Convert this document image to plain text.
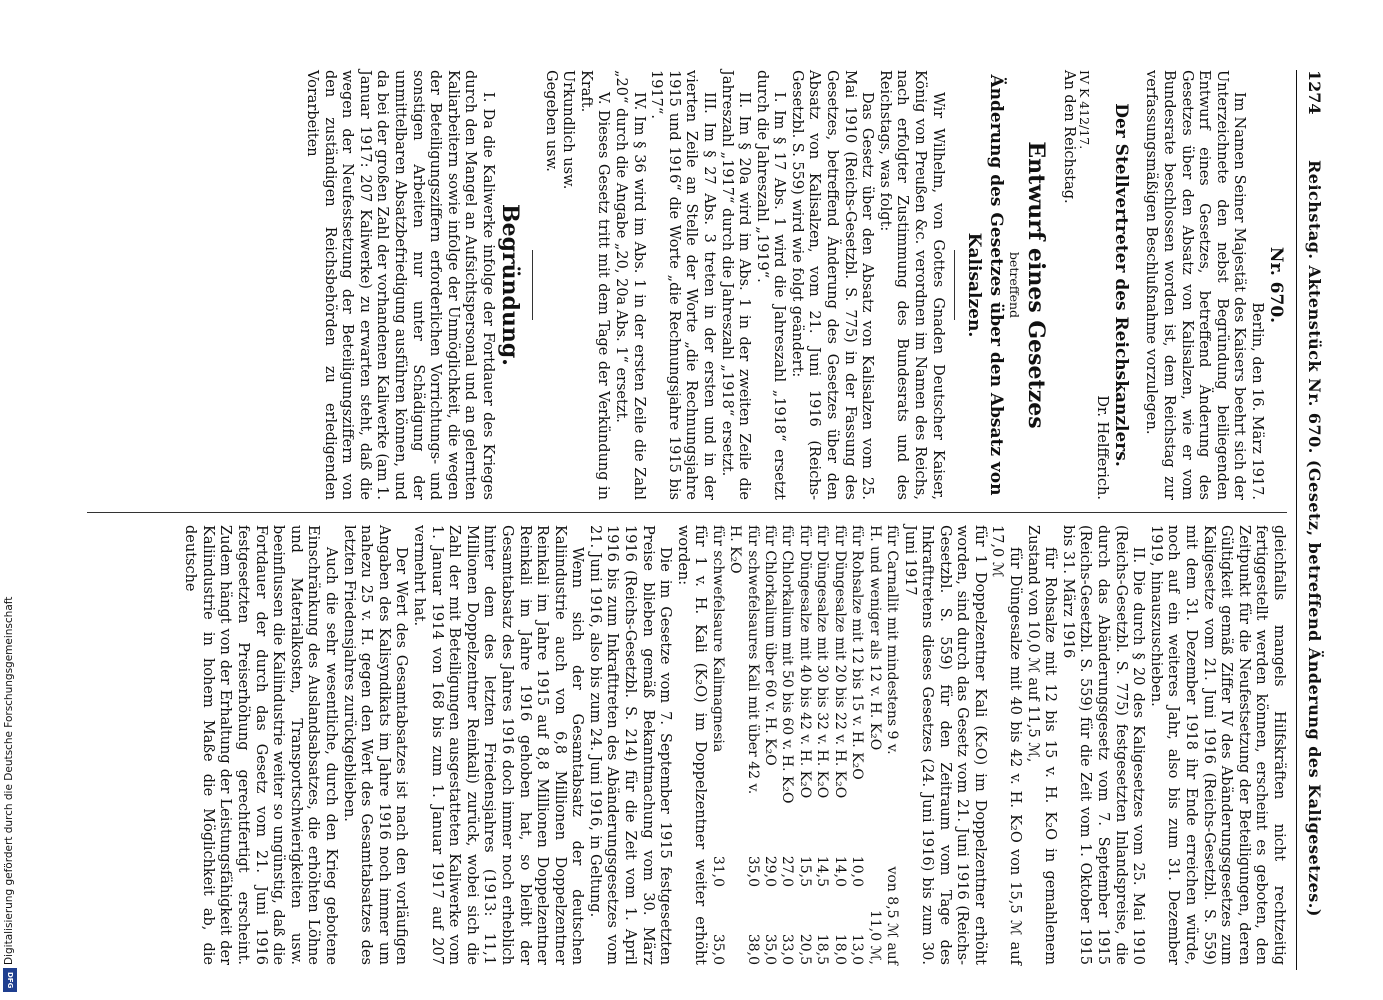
1274
Reichstag. Aktenstück Nr. 670. (Gesetz, betreffend Änderung des Kaligesetzes.)
Nr. 670.
Berlin, den 16. März 1917.

Im Namen Seiner Majestät des Kaisers beehrt sich der Unterzeichnete den nebst Begründung beiliegenden Entwurf eines Gesetzes, betreffend Änderung des Gesetzes über den Absatz von Kalisalzen, wie er vom Bundesrate beschlossen worden ist, dem Reichstag zur verfassungsmäßigen Beschlußnahme vorzulegen.

Der Stellvertreter des Reichskanzlers.
Dr. Helfferich.
IV K 412/17.
An den Reichstag.
Entwurf eines Gesetzes
betreffend
Änderung des Gesetzes über den Absatz von Kalisalzen.

Wir Wilhelm, von Gottes Gnaden Deutscher Kaiser, König von Preußen &c. verordnen im Namen des Reichs, nach erfolgter Zustimmung des Bundesrats und des Reichstags, was folgt:

Das Gesetz über den Absatz von Kalisalzen vom 25. Mai 1910 (Reichs-Gesetzbl. S. 775) in der Fassung des Gesetzes, betreffend Änderung des Gesetzes über den Absatz von Kalisalzen, vom 21. Juni 1916 (Reichs-Gesetzbl. S. 559) wird wie folgt geändert:

I. Im § 17 Abs. 1 wird die Jahreszahl „1918“ ersetzt durch die Jahreszahl „1919“.

II. Im § 20a wird im Abs. 1 in der zweiten Zeile die Jahreszahl „1917“ durch die Jahreszahl „1918“ ersetzt.

III. Im § 27 Abs. 3 treten in der ersten und in der vierten Zeile an Stelle der Worte „die Rechnungsjahre 1915 und 1916“ die Worte „die Rechnungsjahre 1915 bis 1917“.

IV. Im § 36 wird im Abs. 1 in der ersten Zeile die Zahl „20“ durch die Angabe „20, 20a Abs. 1“ ersetzt.

V. Dieses Gesetz tritt mit dem Tage der Verkündung in Kraft.

Urkundlich usw.
Gegeben usw.
Begründung.

I. Da die Kaliwerke infolge der Fortdauer des Krieges durch den Mangel an Aufsichtspersonal und an gelernten Kaliarbeitern sowie infolge der Unmöglichkeit, die wegen der Beteiligungsziffern erforderlichen Vorrichtungs- und sonstigen Arbeiten nur unter Schädigung der unmittelbaren Absatzbefriedigung ausführen können, und da bei der großen Zahl der vorhandenen Kaliwerke (am 1. Januar 1917: 207 Kaliwerke) zu erwarten steht, daß die wegen der Neufestsetzung der Beteiligungsziffern von den zuständigen Reichsbehörden zu erledigenden Vorarbeiten

gleichfalls mangels Hilfskräften nicht rechtzeitig fertiggestellt werden können, erscheint es geboten, den Zeitpunkt für die Neufestsetzung der Beteiligungen, deren Gültigkeit gemäß Ziffer IV des Abänderungsgesetzes zum Kaligesetze vom 21. Juni 1916 (Reichs-Gesetzbl. S. 559) mit dem 31. Dezember 1918 ihr Ende erreichen würde, noch auf ein weiteres Jahr, also bis zum 31. Dezember 1919, hinauszuschieben.

II. Die durch § 20 des Kaligesetzes vom 25. Mai 1910 (Reichs-Gesetzbl. S. 775) festgesetzten Inlandspreise, die durch das Abänderungsgesetz vom 7. September 1915 (Reichs-Gesetzbl. S. 559) für die Zeit vom 1. Oktober 1915 bis 31. März 1916

für Rohsalze mit 12 bis 15 v. H. K₂O in gemahlenem Zustand von 10,0 ℳ auf 11,5 ℳ,

für Düngesalze mit 40 bis 42 v. H. K₂O von 15,5 ℳ auf 17,0 ℳ

für 1 Doppelzentner Kali (K₂O) im Doppelzentner erhöht worden, sind durch das Gesetz vom 21. Juni 1916 (Reichs-Gesetzbl. S. 559) für den Zeitraum vom Tage des Inkrafttretens dieses Gesetzes (24. Juni 1916) bis zum 30. Juni 1917

für Carnallit mit mindestens 9 v. H. und weniger als 12 v. H. K₂O
von 8,5 ℳ auf 11,0 ℳ,
für Rohsalze mit 12 bis 15 v. H. K₂O
10,0
13,0
für Düngesalze mit 20 bis 22 v. H. K₂O
14,0
18,0
für Düngesalze mit 30 bis 32 v. H. K₂O
14,5
18,5
für Düngesalze mit 40 bis 42 v. H. K₂O
15,5
20,5
für Chlorkalium mit 50 bis 60 v. H. K₂O
27,0
33,0
für Chlorkalium über 60 v. H. K₂O
29,0
35,0
für schwefelsaures Kali mit über 42 v. H. K₂O
35,0
38,0
für schwefelsaure Kalimagnesia
31,0
35,0

für 1 v. H. Kali (K₂O) im Doppelzentner weiter erhöht worden:

Die im Gesetze vom 7. September 1915 festgesetzten Preise blieben gemäß Bekanntmachung vom 30. März 1916 (Reichs-Gesetzbl. S. 214) für die Zeit vom 1. April 1916 bis zum Inkrafttreten des Abänderungsgesetzes vom 21. Juni 1916, also bis zum 24. Juni 1916, in Geltung.

Wenn sich der Gesamtabsatz der deutschen Kaliindustrie auch von 6,8 Millionen Doppelzentner Reinkali im Jahre 1915 auf 8,8 Millionen Doppelzentner Reinkali im Jahre 1916 gehoben hat, so bleibt der Gesamtabsatz des Jahres 1916 doch immer noch erheblich hinter dem des letzten Friedensjahres (1913: 11,1 Millionen Doppelzentner Reinkali) zurück, wobei sich die Zahl der mit Beteiligungen ausgestatteten Kaliwerke vom 1. Januar 1914 von 168 bis zum 1. Januar 1917 auf 207 vermehrt hat.

Der Wert des Gesamtabsatzes ist nach den vorläufigen Angaben des Kalisyndikats im Jahre 1916 noch immer um nahezu 25 v. H. gegen den Wert des Gesamtabsatzes des letzten Friedensjahres zurückgeblieben.

Auch die sehr wesentliche, durch den Krieg gebotene Einschränkung des Auslandsabsatzes, die erhöhten Löhne und Materialkosten, Transportschwierigkeiten usw. beeinflussen die Kaliindustrie weiter so ungünstig, daß die Fortdauer der durch das Gesetz vom 21. Juni 1916 festgesetzten Preiserhöhung gerechtfertigt erscheint. Zudem hängt von der Erhaltung der Leistungsfähigkeit der Kaliindustrie in hohem Maße die Möglichkeit ab, die deutsche

Digitalisierung gefördert durch die Deutsche Forschungsgemeinschaft
DFG
